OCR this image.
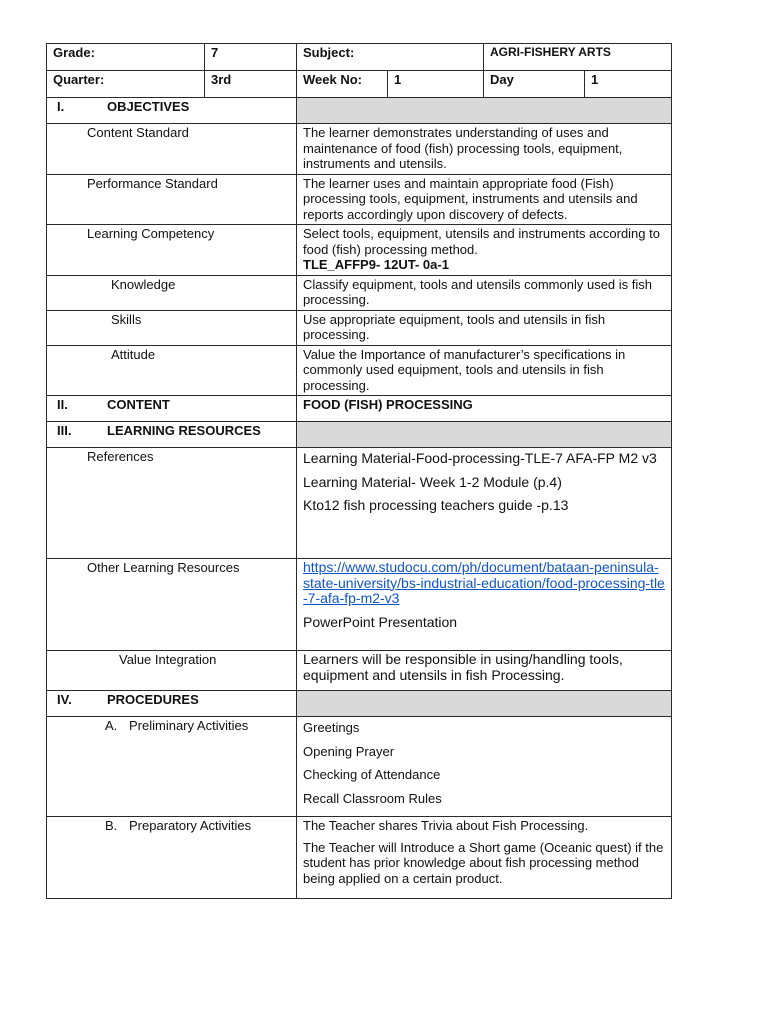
Grade:	7	Subject:		AGRI-FISHERY ARTS	
Quarter:	3rd	Week No:	1	Day	1
I. OBJECTIVES					
Content Standard		The learner demonstrates understanding of uses and maintenance of food (fish) processing tools, equipment, instruments and utensils.			
Performance Standard		The learner uses and maintain appropriate food (Fish) processing tools, equipment, instruments and utensils and reports accordingly upon discovery of defects.			
Learning Competency		Select tools, equipment, utensils and instruments according to food (fish) processing method.
TLE_AFFP9- 12UT- 0a-1			

Knowledge		Classify equipment, tools and utensils commonly used is fish processing.			
Skills		Use appropriate equipment, tools and utensils in fish processing.			
Attitude		Value the Importance of manufacturer’s specifications in commonly used equipment, tools and utensils in fish processing.			
II. CONTENT		FOOD (FISH) PROCESSING			
III. LEARNING RESOURCES					
References		Learning Material-Food-processing-TLE-7 AFA-FP M2 v3

Learning Material- Week 1-2 Module (p.4)

Kto12 fish processing teachers guide -p.13			

Other Learning Resources		https://www.studocu.com/ph/document/bataan-peninsula-state-university/bs-industrial-education/food-processing-tle-7-afa-fp-m2-v3

PowerPoint Presentation			

Value Integration		Learners will be responsible in using/handling tools, equipment and utensils in fish Processing.			
IV. PROCEDURES					
A. Preliminary Activities		Greetings

Opening Prayer

Checking of Attendance

Recall Classroom Rules			

B. Preparatory Activities		The Teacher shares Trivia about Fish Processing.

The Teacher will Introduce a Short game (Oceanic quest) if the student has prior knowledge about fish processing method being applied on a certain product.			
